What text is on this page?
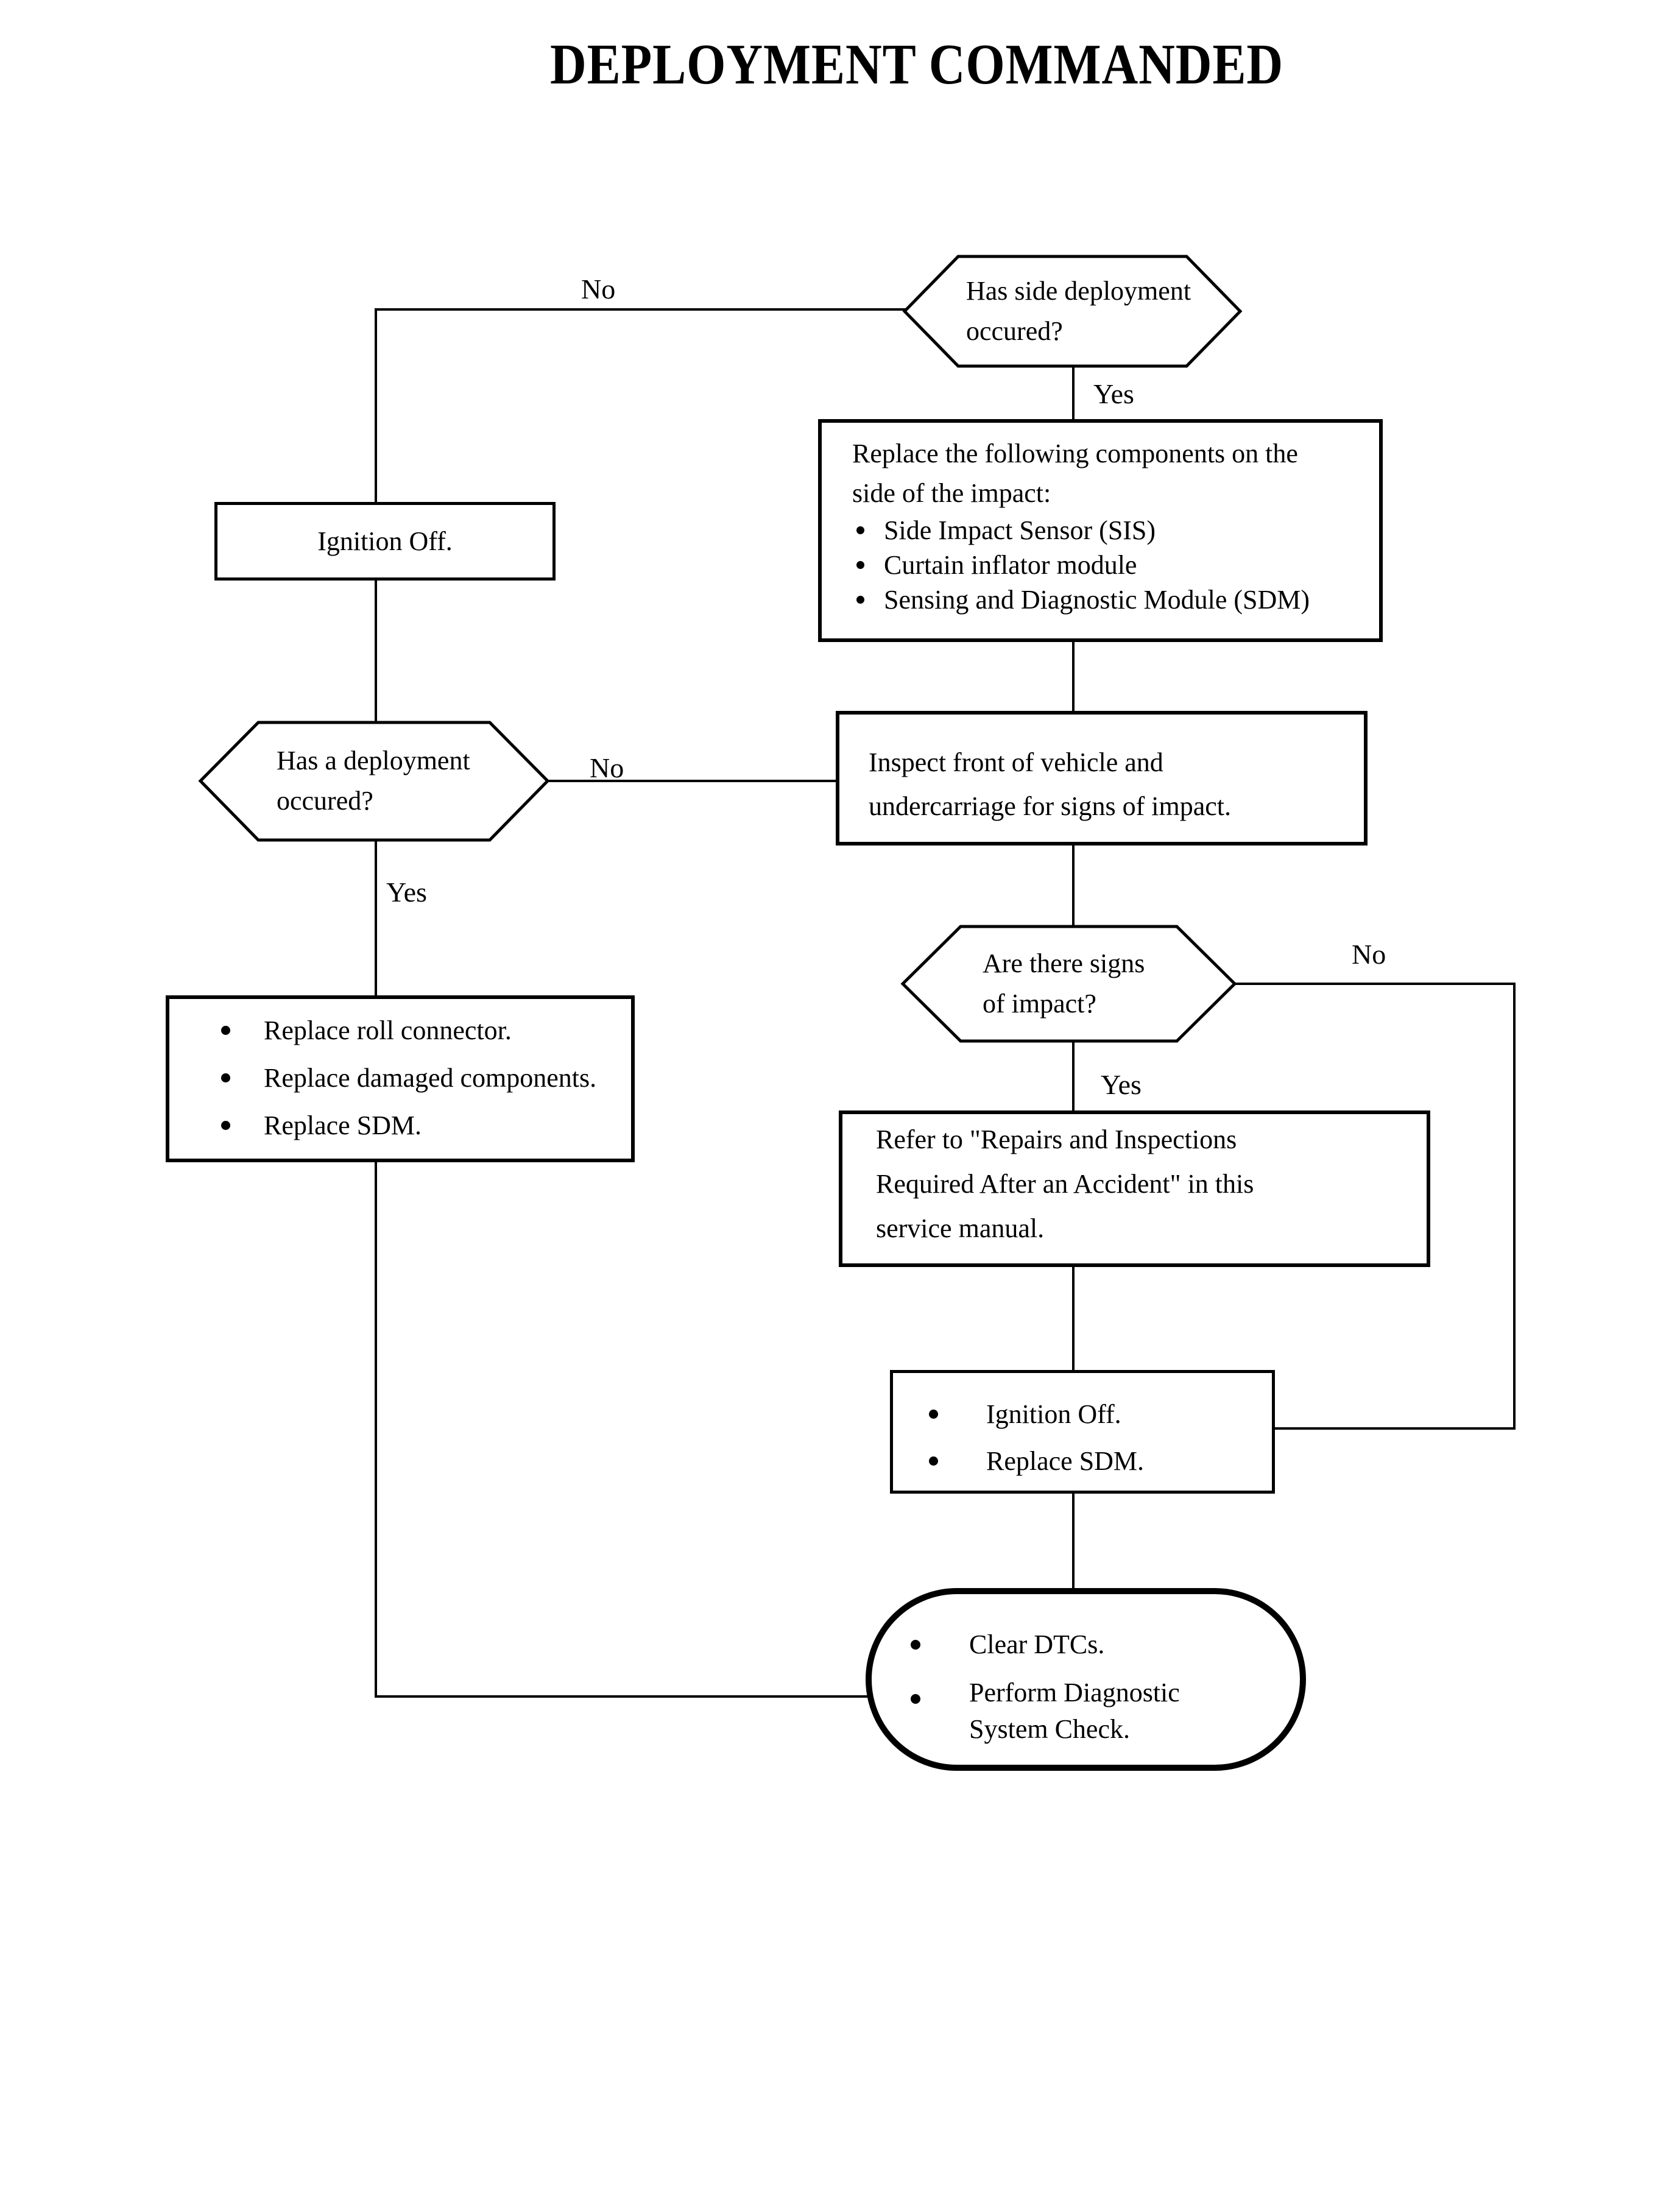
DEPLOYMENT COMMANDED
Has side deployment
occured?
No
Yes
Replace the following components on the
side of the impact:
Side Impact Sensor (SIS)
Curtain inflator module
Sensing and Diagnostic Module (SDM)
Ignition Off.
Has a deployment
occured?
No
Yes
Inspect front of vehicle and
undercarriage for signs of impact.
Are there signs
of impact?
No
Yes
Refer to "Repairs and Inspections
Required After an Accident" in this
service manual.
Replace roll connector.
Replace damaged components.
Replace SDM.
Ignition Off.
Replace SDM.
Clear DTCs.
Perform Diagnostic System Check.
